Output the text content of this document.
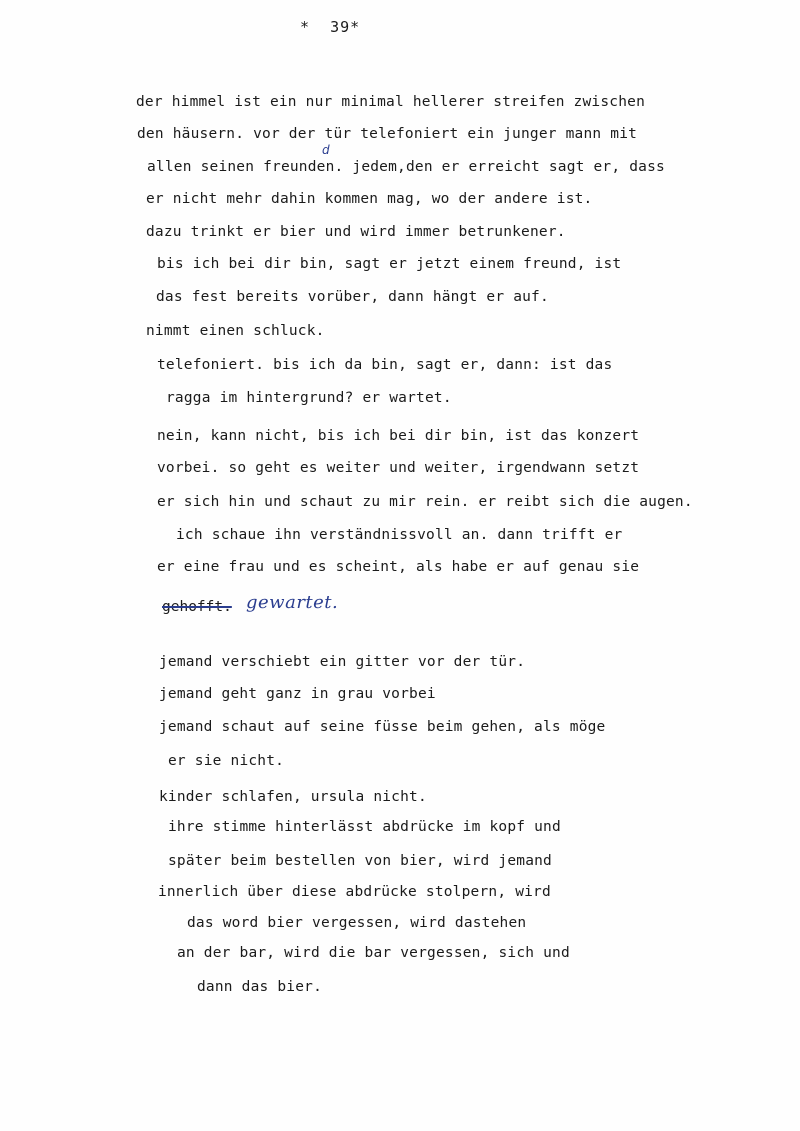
*  39*
der himmel ist ein nur minimal hellerer streifen zwischen
den häusern. vor der tür telefoniert ein junger mann mit
allen seinen freunden. jedem,den er erreicht sagt er, dass
d
er nicht mehr dahin kommen mag, wo der andere ist.
dazu trinkt er bier und wird immer betrunkener.
bis ich bei dir bin, sagt er jetzt einem freund, ist
das fest bereits vorüber, dann hängt er auf.
nimmt einen schluck.
telefoniert. bis ich da bin, sagt er, dann: ist das
ragga im hintergrund? er wartet.
nein, kann nicht, bis ich bei dir bin, ist das konzert
vorbei. so geht es weiter und weiter, irgendwann setzt
er sich hin und schaut zu mir rein. er reibt sich die augen.
ich schaue ihn verständnissvoll an. dann trifft er
er eine frau und es scheint, als habe er auf genau sie
gehofft. gewartet.
jemand verschiebt ein gitter vor der tür.
jemand geht ganz in grau vorbei
jemand schaut auf seine füsse beim gehen, als möge
er sie nicht.
kinder schlafen, ursula nicht.
ihre stimme hinterlässt abdrücke im kopf und
später beim bestellen von bier, wird jemand
innerlich über diese abdrücke stolpern, wird
das word bier vergessen, wird dastehen
an der bar, wird die bar vergessen, sich und
dann das bier.
